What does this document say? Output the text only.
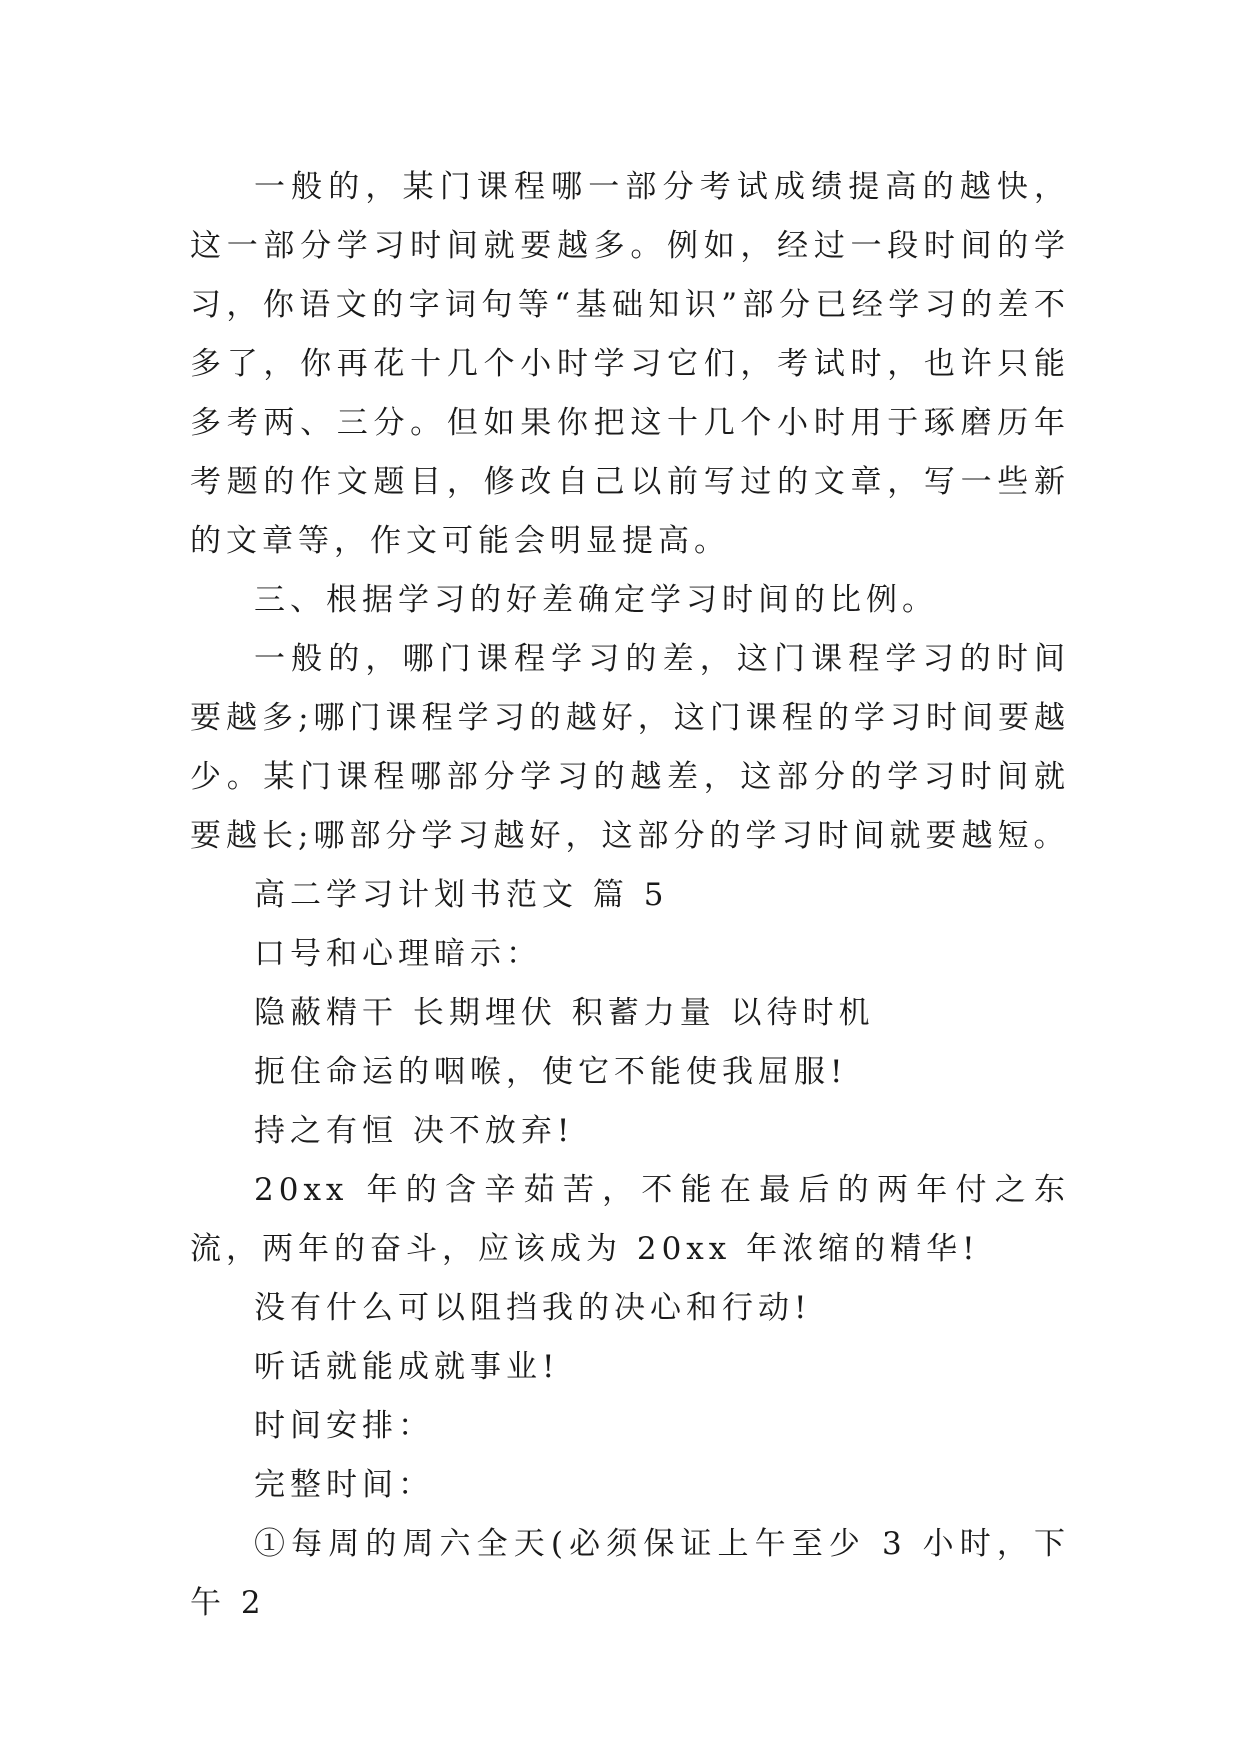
一般的，某门课程哪一部分考试成绩提高的越快，这一部分学习时间就要越多。例如，经过一段时间的学习，你语文的字词句等“基础知识”部分已经学习的差不多了，你再花十几个小时学习它们，考试时，也许只能多考两、三分。但如果你把这十几个小时用于琢磨历年考题的作文题目，修改自己以前写过的文章，写一些新的文章等，作文可能会明显提高。

三、根据学习的好差确定学习时间的比例。

一般的，哪门课程学习的差，这门课程学习的时间要越多;哪门课程学习的越好，这门课程的学习时间要越少。某门课程哪部分学习的越差，这部分的学习时间就要越长;哪部分学习越好，这部分的学习时间就要越短。

高二学习计划书范文 篇 5

口号和心理暗示：

隐蔽精干 长期埋伏 积蓄力量 以待时机

扼住命运的咽喉，使它不能使我屈服!

持之有恒 决不放弃!

20xx 年的含辛茹苦，不能在最后的两年付之东流，两年的奋斗，应该成为 20xx 年浓缩的精华!

没有什么可以阻挡我的决心和行动!

听话就能成就事业!

时间安排：

完整时间：

①每周的周六全天(必须保证上午至少 3 小时，下午 2
